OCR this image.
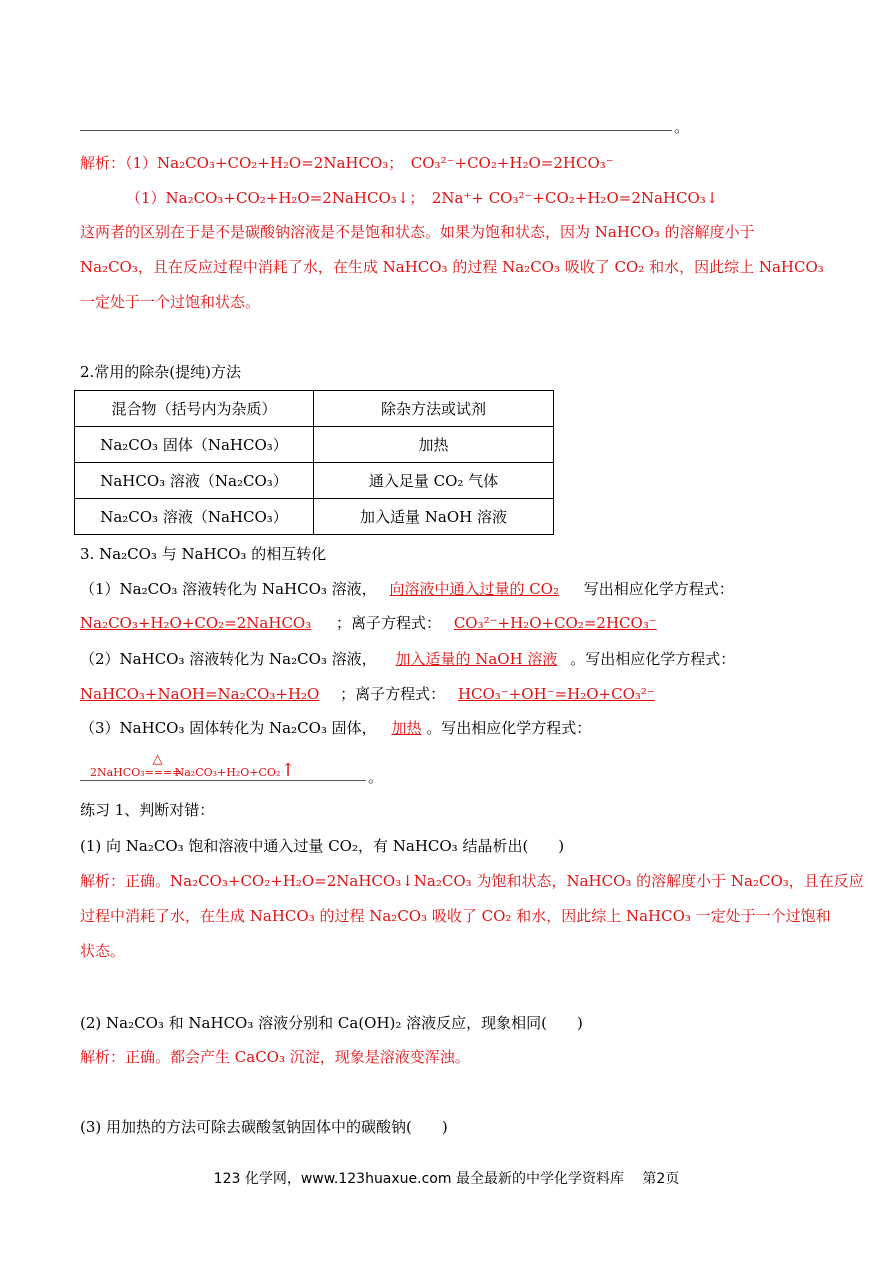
。
解析：（1）Na₂CO₃+CO₂+H₂O=2NaHCO₃；　CO₃²⁻+CO₂+H₂O=2HCO₃⁻
（1）Na₂CO₃+CO₂+H₂O=2NaHCO₃↓；　2Na⁺+ CO₃²⁻+CO₂+H₂O=2NaHCO₃↓
这两者的区别在于是不是碳酸钠溶液是不是饱和状态。如果为饱和状态，因为 NaHCO₃ 的溶解度小于
Na₂CO₃，且在反应过程中消耗了水，在生成 NaHCO₃ 的过程 Na₂CO₃ 吸收了 CO₂ 和水，因此综上 NaHCO₃
一定处于一个过饱和状态。
2.常用的除杂(提纯)方法
混合物（括号内为杂质）	除杂方法或试剂
Na₂CO₃ 固体（NaHCO₃）	加热
NaHCO₃ 溶液（Na₂CO₃）	通入足量 CO₂ 气体
Na₂CO₃ 溶液（NaHCO₃）	加入适量 NaOH 溶液
3. Na₂CO₃ 与 NaHCO₃ 的相互转化
（1）Na₂CO₃ 溶液转化为 NaHCO₃ 溶液， 向溶液中通入过量的 CO₂ 写出相应化学方程式：
Na₂CO₃+H₂O+CO₂=2NaHCO₃ ；离子方程式： CO₃²⁻+H₂O+CO₂=2HCO₃⁻
（2）NaHCO₃ 溶液转化为 Na₂CO₃ 溶液， 加入适量的 NaOH 溶液 。写出相应化学方程式：
NaHCO₃+NaOH=Na₂CO₃+H₂O ；离子方程式： HCO₃⁻+OH⁻=H₂O+CO₃²⁻
（3）NaHCO₃ 固体转化为 Na₂CO₃ 固体， 加热 。写出相应化学方程式：
2NaHCO₃
△
====Na₂CO₃+H₂O+CO₂↑	。
练习 1、判断对错：
(1) 向 Na₂CO₃ 饱和溶液中通入过量 CO₂，有 NaHCO₃ 结晶析出(　　)
解析：正确。Na₂CO₃+CO₂+H₂O=2NaHCO₃↓Na₂CO₃ 为饱和状态，NaHCO₃ 的溶解度小于 Na₂CO₃，且在反应
过程中消耗了水，在生成 NaHCO₃ 的过程 Na₂CO₃ 吸收了 CO₂ 和水，因此综上 NaHCO₃ 一定处于一个过饱和
状态。
(2) Na₂CO₃ 和 NaHCO₃ 溶液分别和 Ca(OH)₂ 溶液反应，现象相同(　　)
解析：正确。都会产生 CaCO₃ 沉淀，现象是溶液变浑浊。
(3) 用加热的方法可除去碳酸氢钠固体中的碳酸钠(　　)
123 化学网，www.123huaxue.com 最全最新的中学化学资料库　 第2页
